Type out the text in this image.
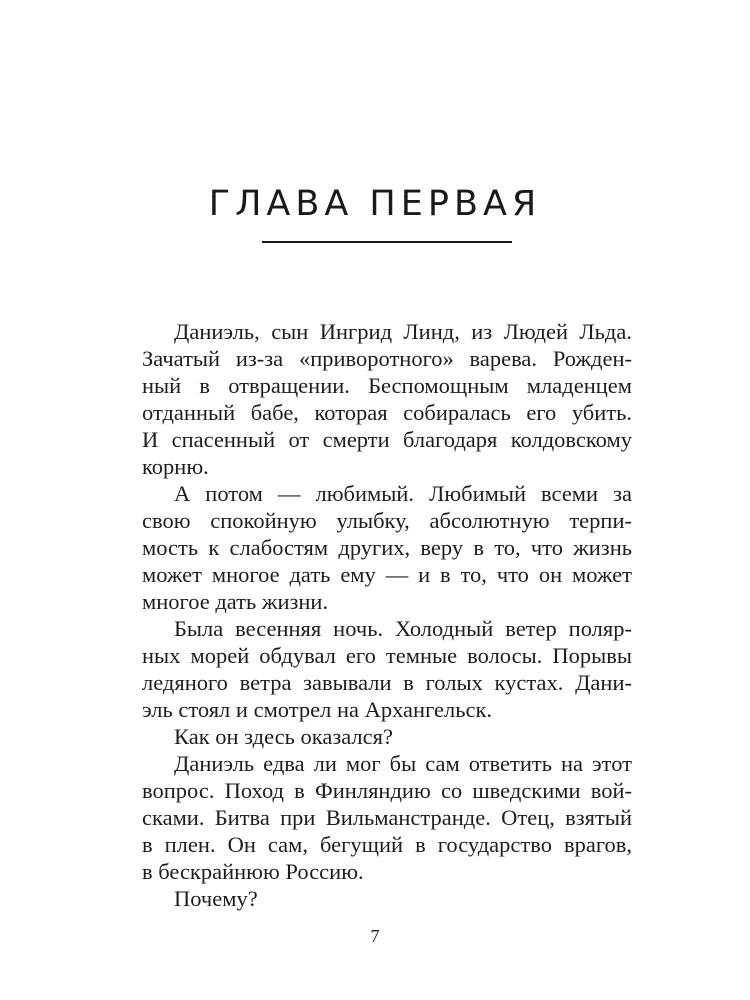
ГЛАВА ПЕРВАЯ
Даниэль, сын Ингрид Линд, из Людей Льда.
Зачатый из-за «приворотного» варева. Рожден-
ный в отвращении. Беспомощным младенцем
отданный бабе, которая собиралась его убить.
И спасенный от смерти благодаря колдовскому
корню.
А потом — любимый. Любимый всеми за
свою спокойную улыбку, абсолютную терпи-
мость к слабостям других, веру в то, что жизнь
может многое дать ему — и в то, что он может
многое дать жизни.
Была весенняя ночь. Холодный ветер поляр-
ных морей обдувал его темные волосы. Порывы
ледяного ветра завывали в голых кустах. Дани-
эль стоял и смотрел на Архангельск.
Как он здесь оказался?
Даниэль едва ли мог бы сам ответить на этот
вопрос. Поход в Финляндию со шведскими вой-
сками. Битва при Вильманстранде. Отец, взятый
в плен. Он сам, бегущий в государство врагов,
в бескрайнюю Россию.
Почему?
7
